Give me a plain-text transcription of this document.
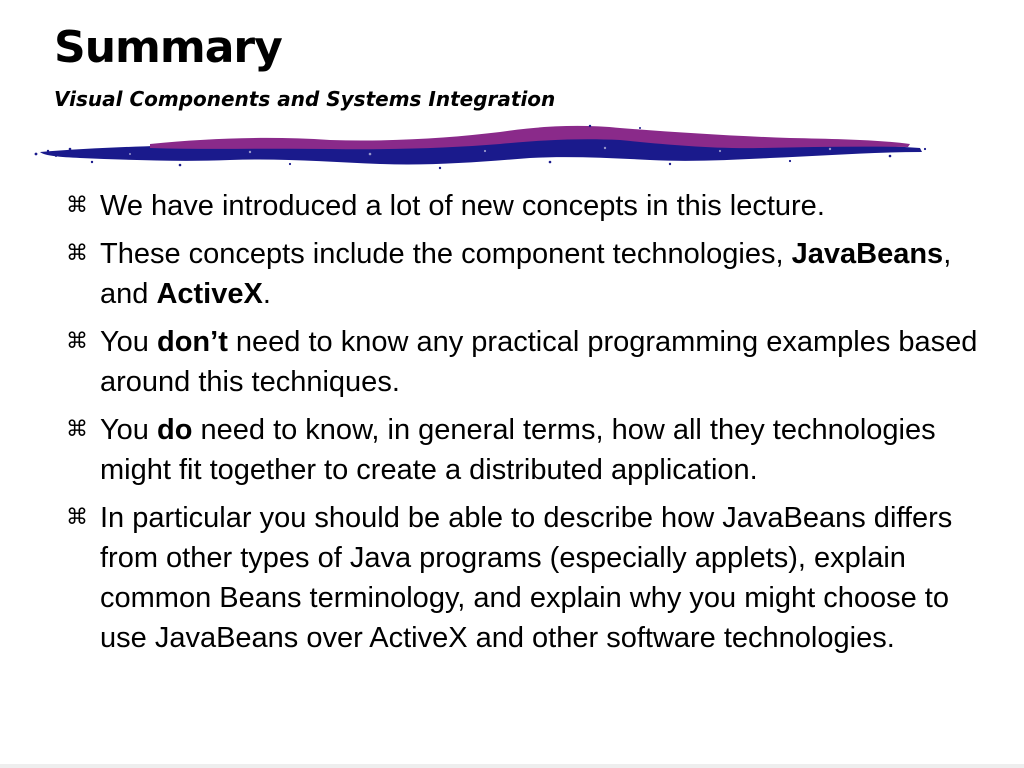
Summary
Visual Components and Systems Integration
⌘ We have introduced a lot of new concepts in this lecture.
⌘ These concepts include the component technologies, JavaBeans, and ActiveX.
⌘ You don’t need to know any practical programming examples based around this techniques.
⌘ You do need to know, in general terms, how all they technologies might fit together to create a distributed application.
⌘ In particular you should be able to describe how JavaBeans differs from other types of Java programs (especially applets), explain common Beans terminology, and explain why you might choose to use JavaBeans over ActiveX and other software technologies.
